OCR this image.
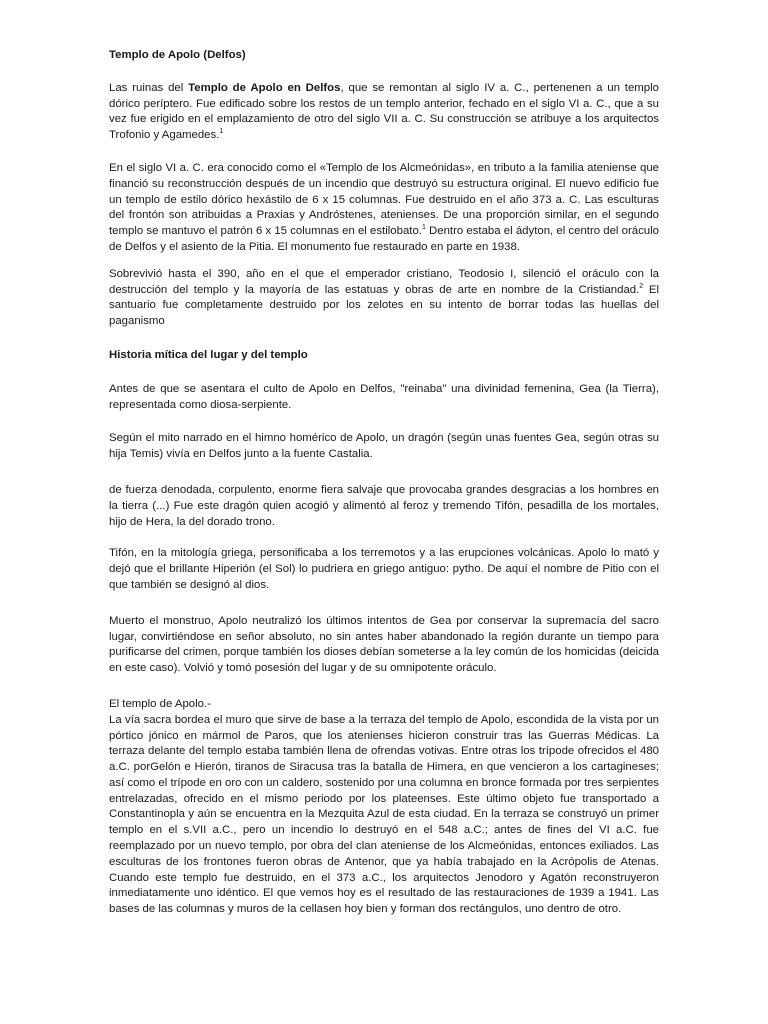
Templo de Apolo (Delfos)

Las ruinas del Templo de Apolo en Delfos, que se remontan al siglo IV a. C., pertenenen a un templo dórico períptero. Fue edificado sobre los restos de un templo anterior, fechado en el siglo VI a. C., que a su vez fue erigido en el emplazamiento de otro del siglo VII a. C. Su construcción se atribuye a los arquitectos Trofonio y Agamedes.$^1$

En el siglo VI a. C. era conocido como el «Templo de los Alcmeónidas», en tributo a la familia ateniense que financió su reconstrucción después de un incendio que destruyó su estructura original. El nuevo edificio fue un templo de estilo dórico hexástilo de 6 x 15 columnas. Fue destruido en el año 373 a. C. Las esculturas del frontón son atribuidas a Praxias y Andróstenes, atenienses. De una proporción similar, en el segundo templo se mantuvo el patrón 6 x 15 columnas en el estilobato.$^1$ Dentro estaba el ádyton, el centro del oráculo de Delfos y el asiento de la Pitia. El monumento fue restaurado en parte en 1938.

Sobrevivió hasta el 390, año en el que el emperador cristiano, Teodosio I, silenció el oráculo con la destrucción del templo y la mayoría de las estatuas y obras de arte en nombre de la Cristiandad.$^2$ El santuario fue completamente destruido por los zelotes en su intento de borrar todas las huellas del paganismo

Historia mítica del lugar y del templo

Antes de que se asentara el culto de Apolo en Delfos, "reinaba" una divinidad femenina, Gea (la Tierra), representada como diosa-serpiente.

Según el mito narrado en el himno homérico de Apolo, un dragón (según unas fuentes Gea, según otras su hija Temis) vivía en Delfos junto a la fuente Castalia.

de fuerza denodada, corpulento, enorme fiera salvaje que provocaba grandes desgracias a los hombres en la tierra (...) Fue este dragón quien acogió y alimentó al feroz y tremendo Tifón, pesadilla de los mortales, hijo de Hera, la del dorado trono.

Tifón, en la mitología griega, personificaba a los terremotos y a las erupciones volcánicas. Apolo lo mató y dejó que el brillante Hiperión (el Sol) lo pudriera en griego antiguo: pytho. De aquí el nombre de Pitio con el que también se designó al dios.

Muerto el monstruo, Apolo neutralizó los últimos intentos de Gea por conservar la supremacía del sacro lugar, convirtiéndose en señor absoluto, no sin antes haber abandonado la región durante un tiempo para purificarse del crimen, porque también los dioses debían someterse a la ley común de los homicidas (deicida en este caso). Volvió y tomó posesión del lugar y de su omnipotente oráculo.

El templo de Apolo.-

La vía sacra bordea el muro que sirve de base a la terraza del templo de Apolo, escondida de la vista por un pórtico jónico en mármol de Paros, que los atenienses hicieron construir tras las Guerras Médicas. La terraza delante del templo estaba también llena de ofrendas votivas. Entre otras los trípode ofrecidos el 480 a.C. porGelón e Hierón, tiranos de Siracusa tras la batalla de Himera, en que vencieron a los cartagineses; así como el trípode en oro con un caldero, sostenido por una columna en bronce formada por tres serpientes entrelazadas, ofrecido en el mismo periodo por los plateenses. Este último objeto fue transportado a Constantinopla y aún se encuentra en la Mezquita Azul de esta ciudad. En la terraza se construyó un primer templo en el s.VII a.C., pero un incendio lo destruyó en el 548 a.C.; antes de fines del VI a.C. fue reemplazado por un nuevo templo, por obra del clan ateniense de los Alcmeónidas, entonces exiliados. Las esculturas de los frontones fueron obras de Antenor, que ya había trabajado en la Acrópolis de Atenas. Cuando este templo fue destruido, en el 373 a.C., los arquitectos Jenodoro y Agatón reconstruyeron inmediatamente uno idéntico. El que vemos hoy es el resultado de las restauraciones de 1939 a 1941. Las bases de las columnas y muros de la cellasen hoy bien y forman dos rectángulos, uno dentro de otro.
